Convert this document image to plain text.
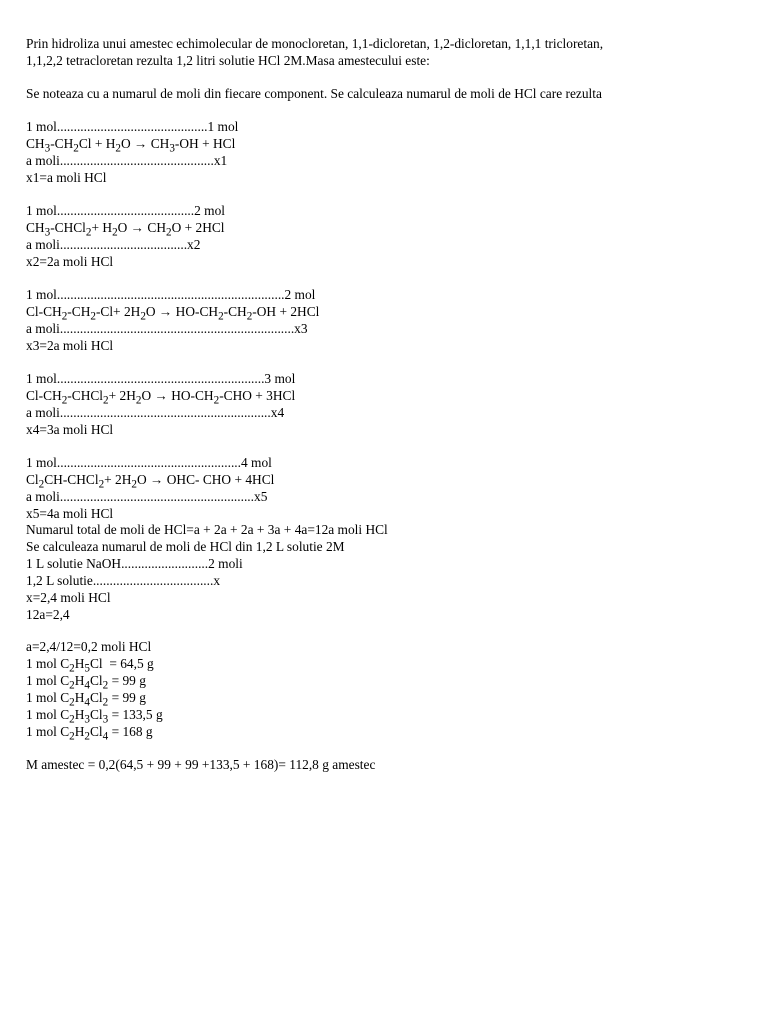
Prin hidroliza unui amestec echimolecular de monocloretan, 1,1-dicloretan, 1,2-dicloretan, 1,1,1 tricloretan,

1,1,2,2 tetracloretan rezulta 1,2 litri solutie HCl 2M.Masa amestecului este:

Se noteaza cu a numarul de moli din fiecare component. Se calculeaza numarul de moli de HCl care rezulta

1 mol.............................................1 mol

$CH_3-CH_2Cl + H_2O \to CH_3-OH$ + HCl

a moli..............................................x1

x1=a moli HCl

1 mol.........................................2 mol

$CH_3-CHCl_2+ H_2O \to CH_2O + 2HCl$

a moli......................................x2

x2=2a moli HCl

1 mol....................................................................2 mol

$Cl-CH_2-CH_2-Cl+ 2H_2O \to HO-CH_2-CH_2-OH + 2HCl$

a moli......................................................................x3

x3=2a moli HCl

1 mol..............................................................3 mol

$Cl-CH_2-CHCl_2+ 2H_2O \to HO-CH_2-CHO + 3HCl$

a moli...............................................................x4

x4=3a moli HCl

1 mol.......................................................4 mol

$Cl_2CH-CHCl_2+ 2H_2O \to OHC-$ CHO + 4HCl

a moli..........................................................x5

x5=4a moli HCl

Numarul total de moli de HCl=a + 2a + 2a + 3a + 4a=12a moli HCl

Se calculeaza numarul de moli de HCl din 1,2 L solutie 2M

1 L solutie NaOH..........................2 moli

1,2 L solutie....................................x

x=2,4 moli HCl

12a=2,4

a=2,4/12=0,2 moli HCl

1 mol $C_2H_5Cl = 64,5$ g

1 mol $C_2H_4Cl_2 = 99$ g

1 mol $C_2H_4Cl_2 = 99$ g

1 mol $C_2H_3Cl_3 = 133,5$ g

1 mol $C_2H_2Cl_4 = 168$ g

M amestec = 0,2(64,5 + 99 + 99 +133,5 + 168)= 112,8 g amestec
